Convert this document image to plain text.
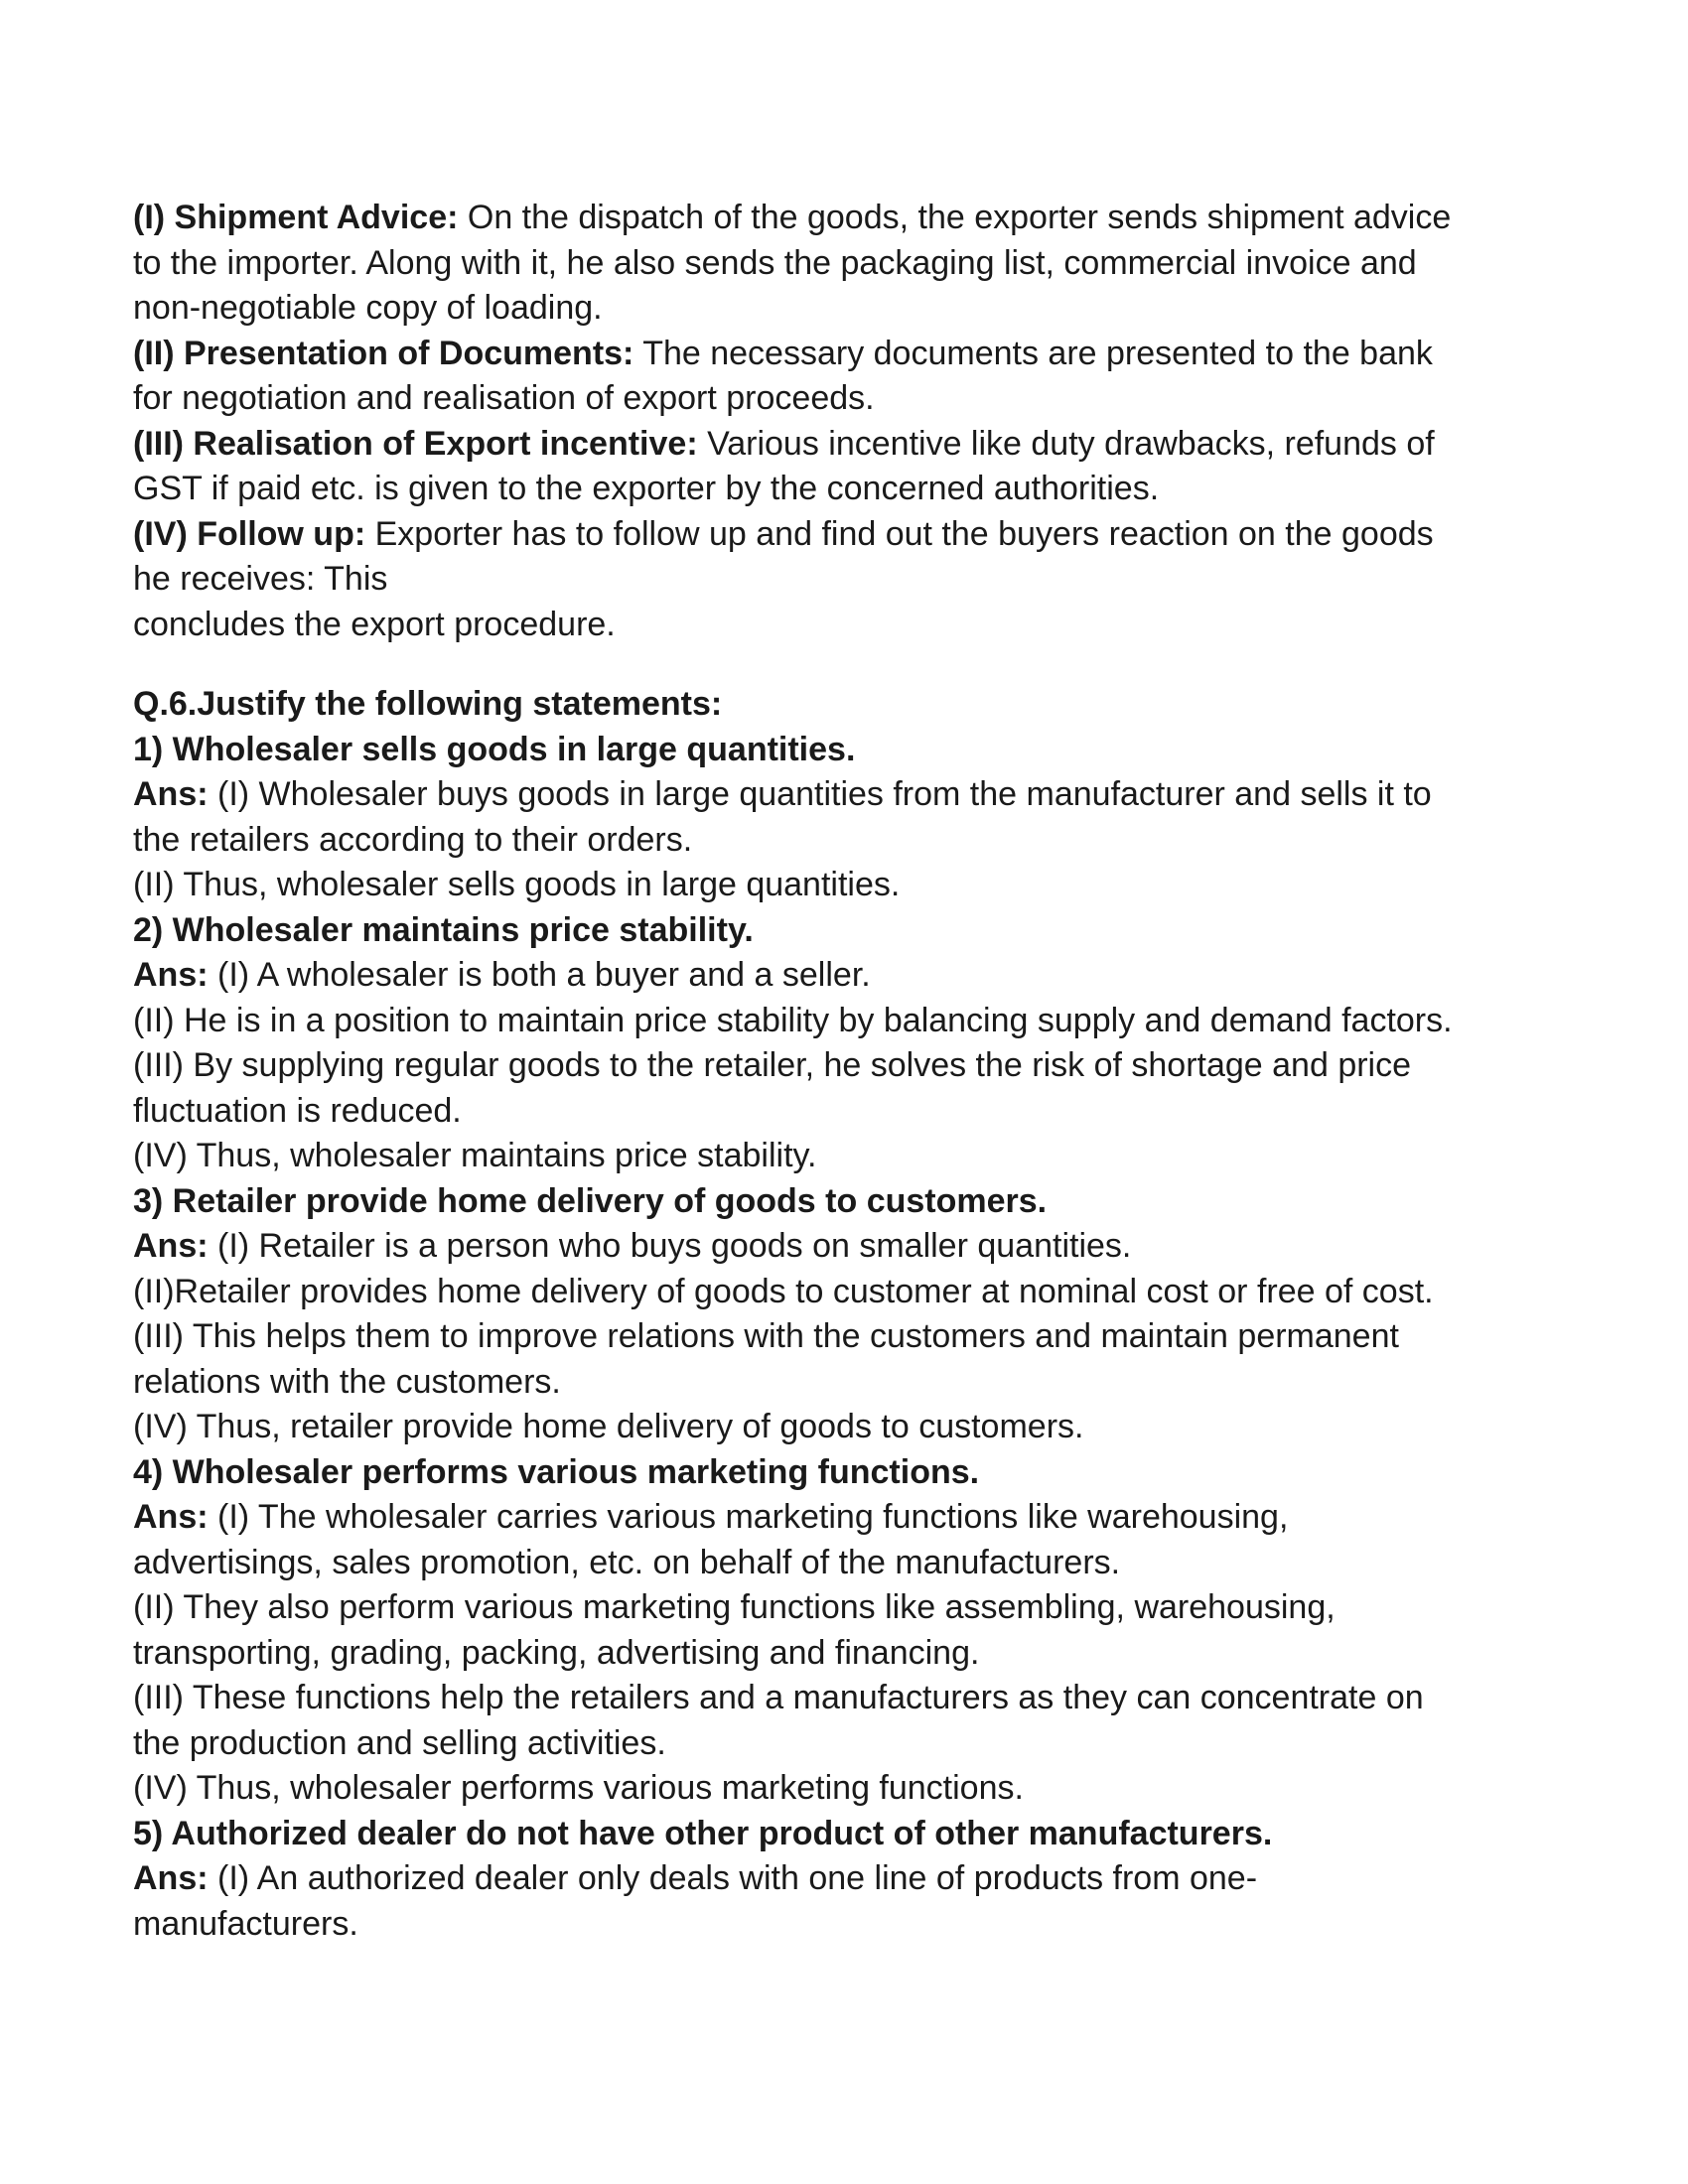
(I) Shipment Advice: On the dispatch of the goods, the exporter sends shipment advice
to the importer. Along with it, he also sends the packaging list, commercial invoice and
non-negotiable copy of loading.
(II) Presentation of Documents: The necessary documents are presented to the bank
for negotiation and realisation of export proceeds.
(III) Realisation of Export incentive: Various incentive like duty drawbacks, refunds of
GST if paid etc. is given to the exporter by the concerned authorities.
(IV) Follow up: Exporter has to follow up and find out the buyers reaction on the goods
he receives: This
concludes the export procedure.
Q.6.Justify the following statements:
1) Wholesaler sells goods in large quantities.
Ans: (I) Wholesaler buys goods in large quantities from the manufacturer and sells it to
the retailers according to their orders.
(II) Thus, wholesaler sells goods in large quantities.
2) Wholesaler maintains price stability.
Ans: (I) A wholesaler is both a buyer and a seller.
(II) He is in a position to maintain price stability by balancing supply and demand factors.
(III) By supplying regular goods to the retailer, he solves the risk of shortage and price
fluctuation is reduced.
(IV) Thus, wholesaler maintains price stability.
3) Retailer provide home delivery of goods to customers.
Ans: (I) Retailer is a person who buys goods on smaller quantities.
(II)Retailer provides home delivery of goods to customer at nominal cost or free of cost.
(III) This helps them to improve relations with the customers and maintain permanent
relations with the customers.
(IV) Thus, retailer provide home delivery of goods to customers.
4) Wholesaler performs various marketing functions.
Ans: (I) The wholesaler carries various marketing functions like warehousing,
advertisings, sales promotion, etc. on behalf of the manufacturers.
(II) They also perform various marketing functions like assembling, warehousing,
transporting, grading, packing, advertising and financing.
(III) These functions help the retailers and a manufacturers as they can concentrate on
the production and selling activities.
(IV) Thus, wholesaler performs various marketing functions.
5) Authorized dealer do not have other product of other manufacturers.
Ans: (I) An authorized dealer only deals with one line of products from one-
manufacturers.
